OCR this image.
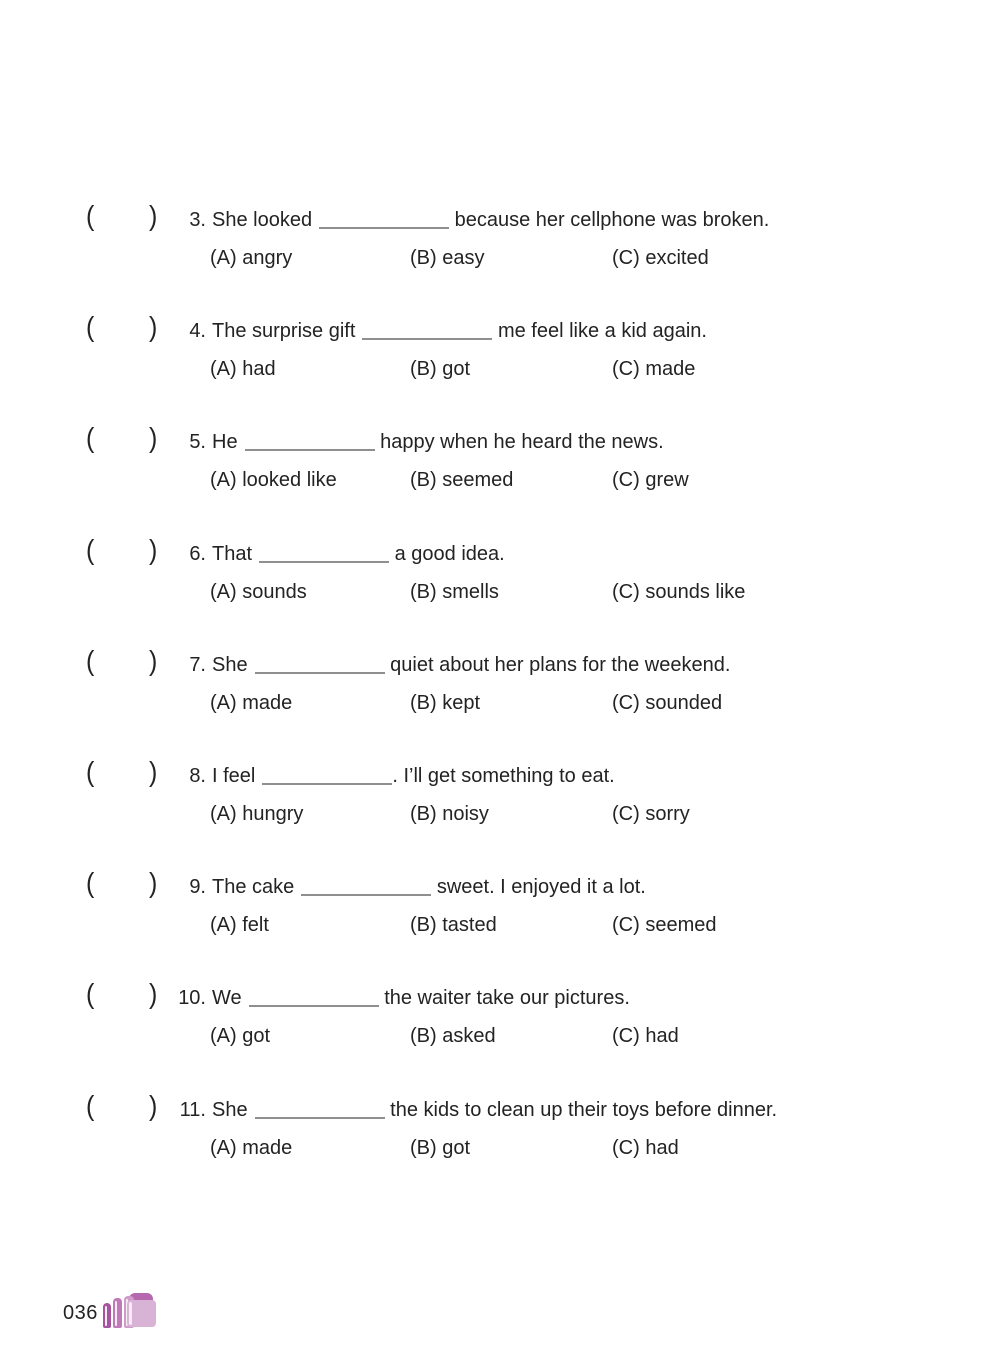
( )	3. She looked	because her cellphone was broken.
(A) angry	(B) easy	(C) excited
( )	4. The surprise gift	me feel like a kid again.
(A) had	(B) got	(C) made
( )	5. He	happy when he heard the news.
(A) looked like	(B) seemed	(C) grew
( )	6. That	a good idea.
(A) sounds	(B) smells	(C) sounds like
( )	7. She	quiet about her plans for the weekend.
(A) made	(B) kept	(C) sounded
( )	8. I feel	. I’ll get something to eat.
(A) hungry	(B) noisy	(C) sorry
( )	9. The cake	sweet. I enjoyed it a lot.
(A) felt	(B) tasted	(C) seemed
( )	10. We	the waiter take our pictures.
(A) got	(B) asked	(C) had
( )	11. She	the kids to clean up their toys before dinner.
(A) made	(B) got	(C) had
036
